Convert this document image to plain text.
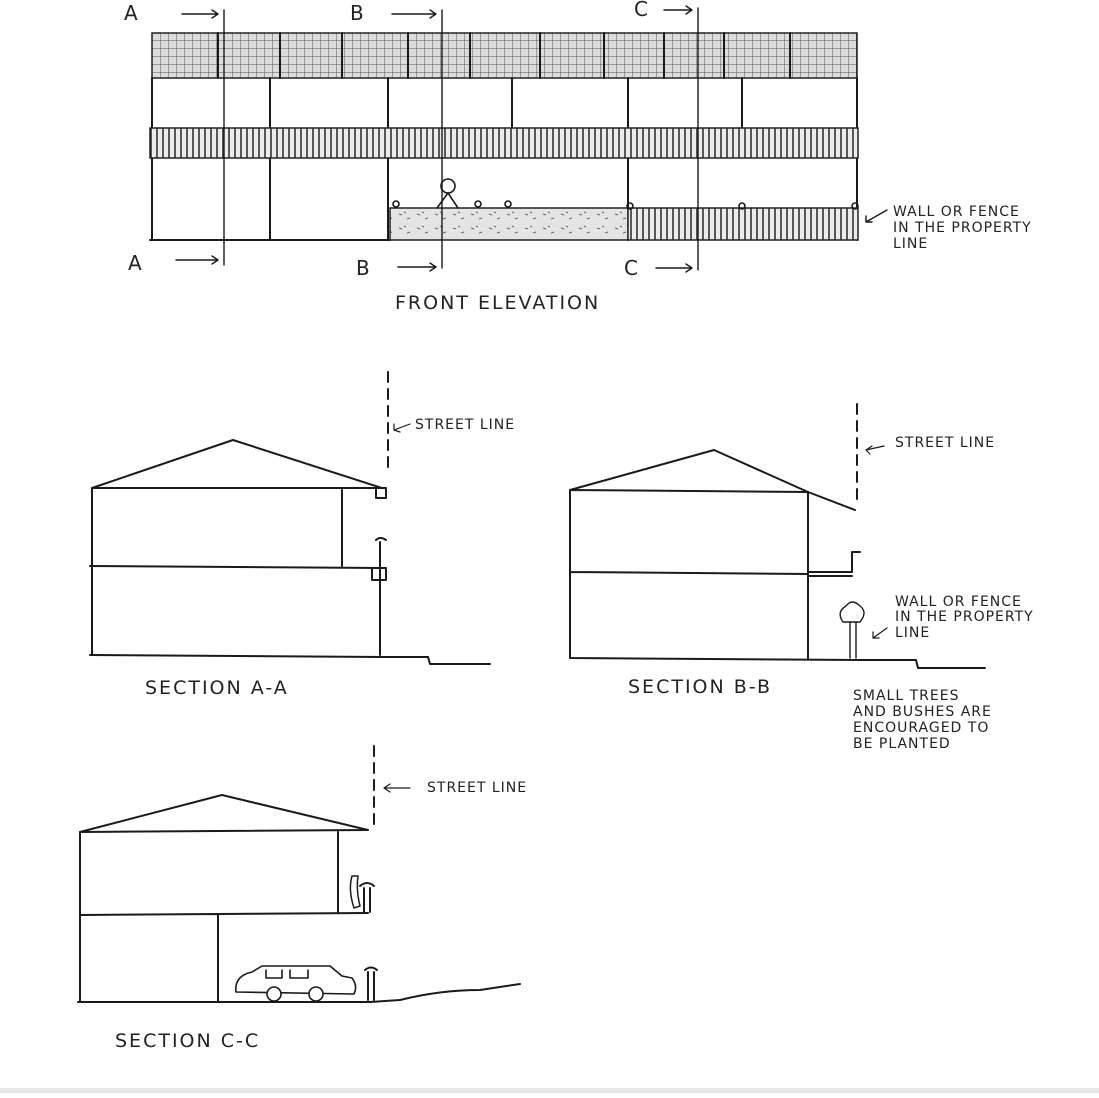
A	B	C
A	B	C
WALL OR FENCE
IN THE PROPERTY
LINE
FRONT ELEVATION
STREET LINE
SECTION A-A
STREET LINE
WALL OR FENCE
IN THE PROPERTY
LINE
SECTION B-B	SMALL TREES
AND BUSHES ARE
ENCOURAGED TO
BE PLANTED
STREET LINE
SECTION C-C
